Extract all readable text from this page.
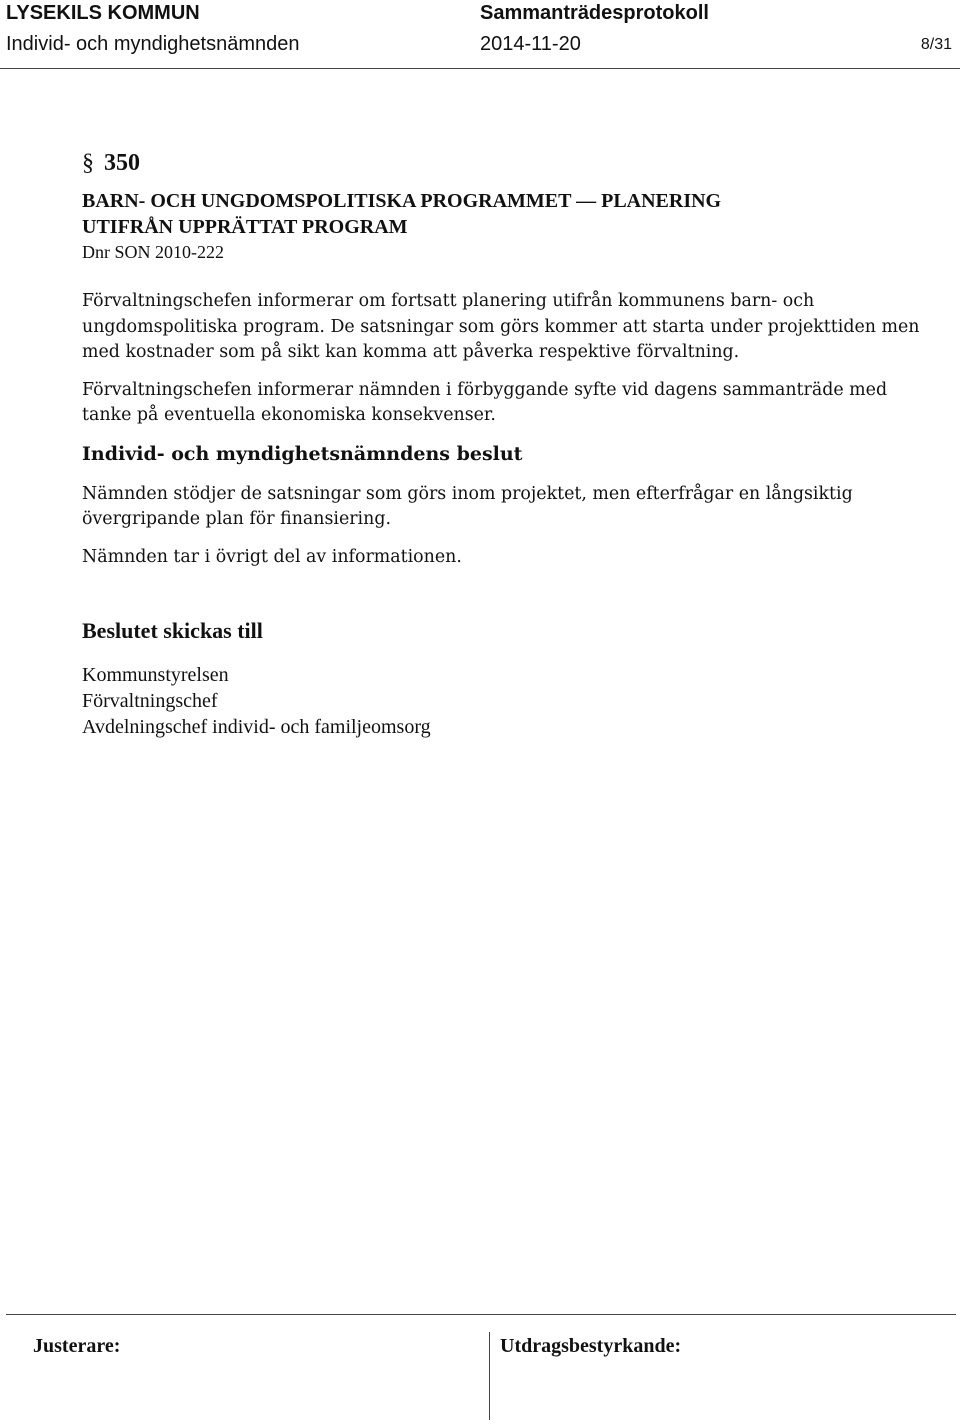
LYSEKILS KOMMUN	Sammanträdesprotokoll
Individ- och myndighetsnämnden	2014-11-20	8/31
§ 350
BARN- OCH UNGDOMSPOLITISKA PROGRAMMET — PLANERING
UTIFRÅN UPPRÄTTAT PROGRAM
Dnr SON 2010-222

Förvaltningschefen informerar om fortsatt planering utifrån kommunens barn- och ungdomspolitiska program. De satsningar som görs kommer att starta under projekttiden men med kostnader som på sikt kan komma att påverka respektive förvaltning.

Förvaltningschefen informerar nämnden i förbyggande syfte vid dagens sammanträde med tanke på eventuella ekonomiska konsekvenser.

Individ- och myndighetsnämndens beslut

Nämnden stödjer de satsningar som görs inom projektet, men efterfrågar en långsiktig övergripande plan för finansiering.

Nämnden tar i övrigt del av informationen.

Beslutet skickas till
Kommunstyrelsen
Förvaltningschef
Avdelningschef individ- och familjeomsorg
Justerare:	Utdragsbestyrkande:
